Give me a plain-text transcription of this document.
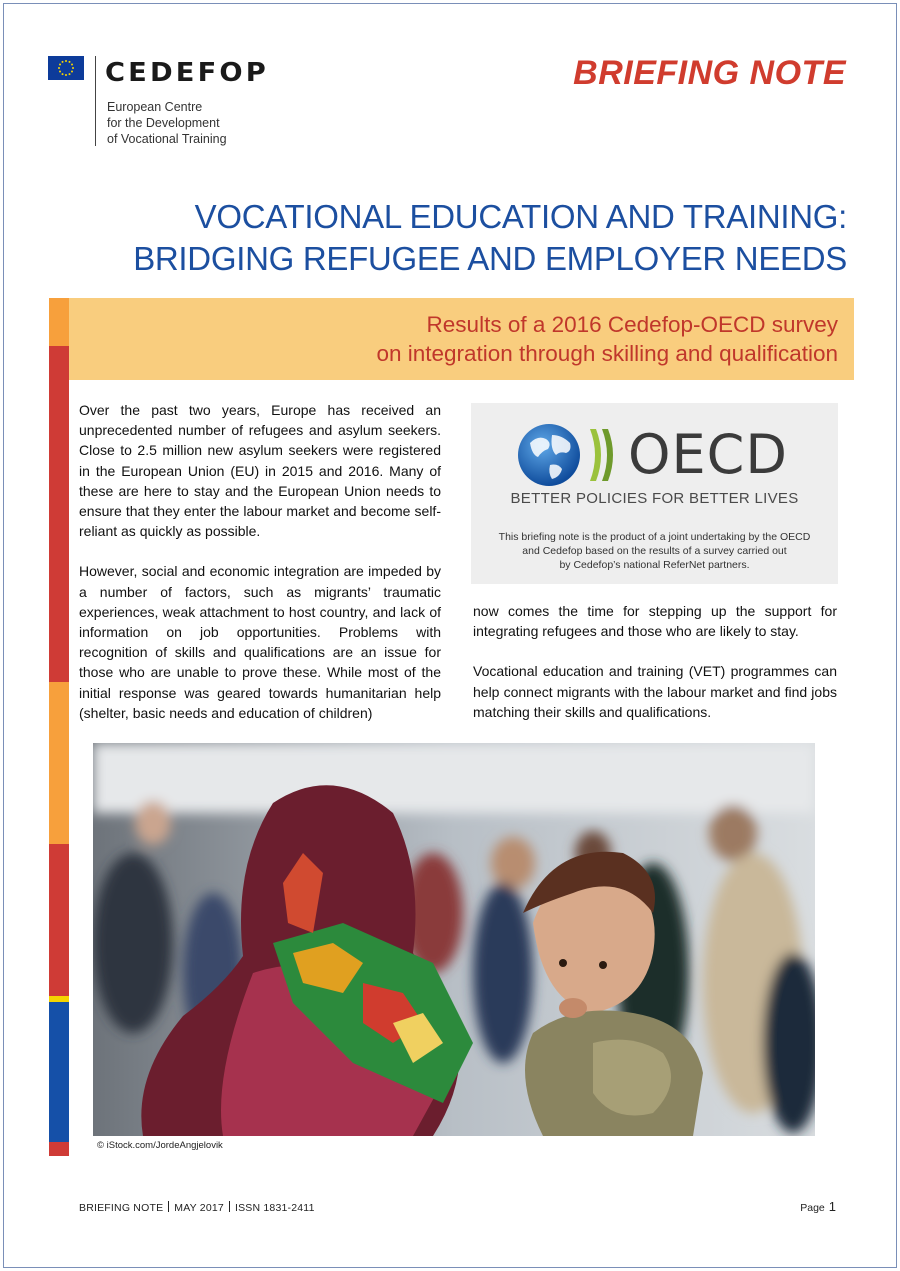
CEDEFOP
European Centre
for the Development
of Vocational Training
BRIEFING NOTE
VOCATIONAL EDUCATION AND TRAINING:
BRIDGING REFUGEE AND EMPLOYER NEEDS
Results of a 2016 Cedefop-OECD survey
on integration through skilling and qualification

Over the past two years, Europe has received an unprecedented number of refugees and asylum seekers. Close to 2.5 million new asylum seekers were registered in the European Union (EU) in 2015 and 2016. Many of these are here to stay and the European Union needs to ensure that they enter the labour market and become self-reliant as quickly as possible.

However, social and economic integration are impeded by a number of factors, such as migrants’ traumatic experiences, weak attachment to host country, and lack of information on job opportunities. Problems with recognition of skills and qualifications are an issue for those who are unable to prove these. While most of the initial response was geared towards humanitarian help (shelter, basic needs and education of children)

OECD
BETTER POLICIES FOR BETTER LIVES
This briefing note is the product of a joint undertaking by the OECD
and Cedefop based on the results of a survey carried out
by Cedefop’s national ReferNet partners.

now comes the time for stepping up the support for integrating refugees and those who are likely to stay.

Vocational education and training (VET) programmes can help connect migrants with the labour market and find jobs matching their skills and qualifications.

© iStock.com/JordeAngjelovik
BRIEFING NOTE MAY 2017 ISSN 1831-2411	Page 1
